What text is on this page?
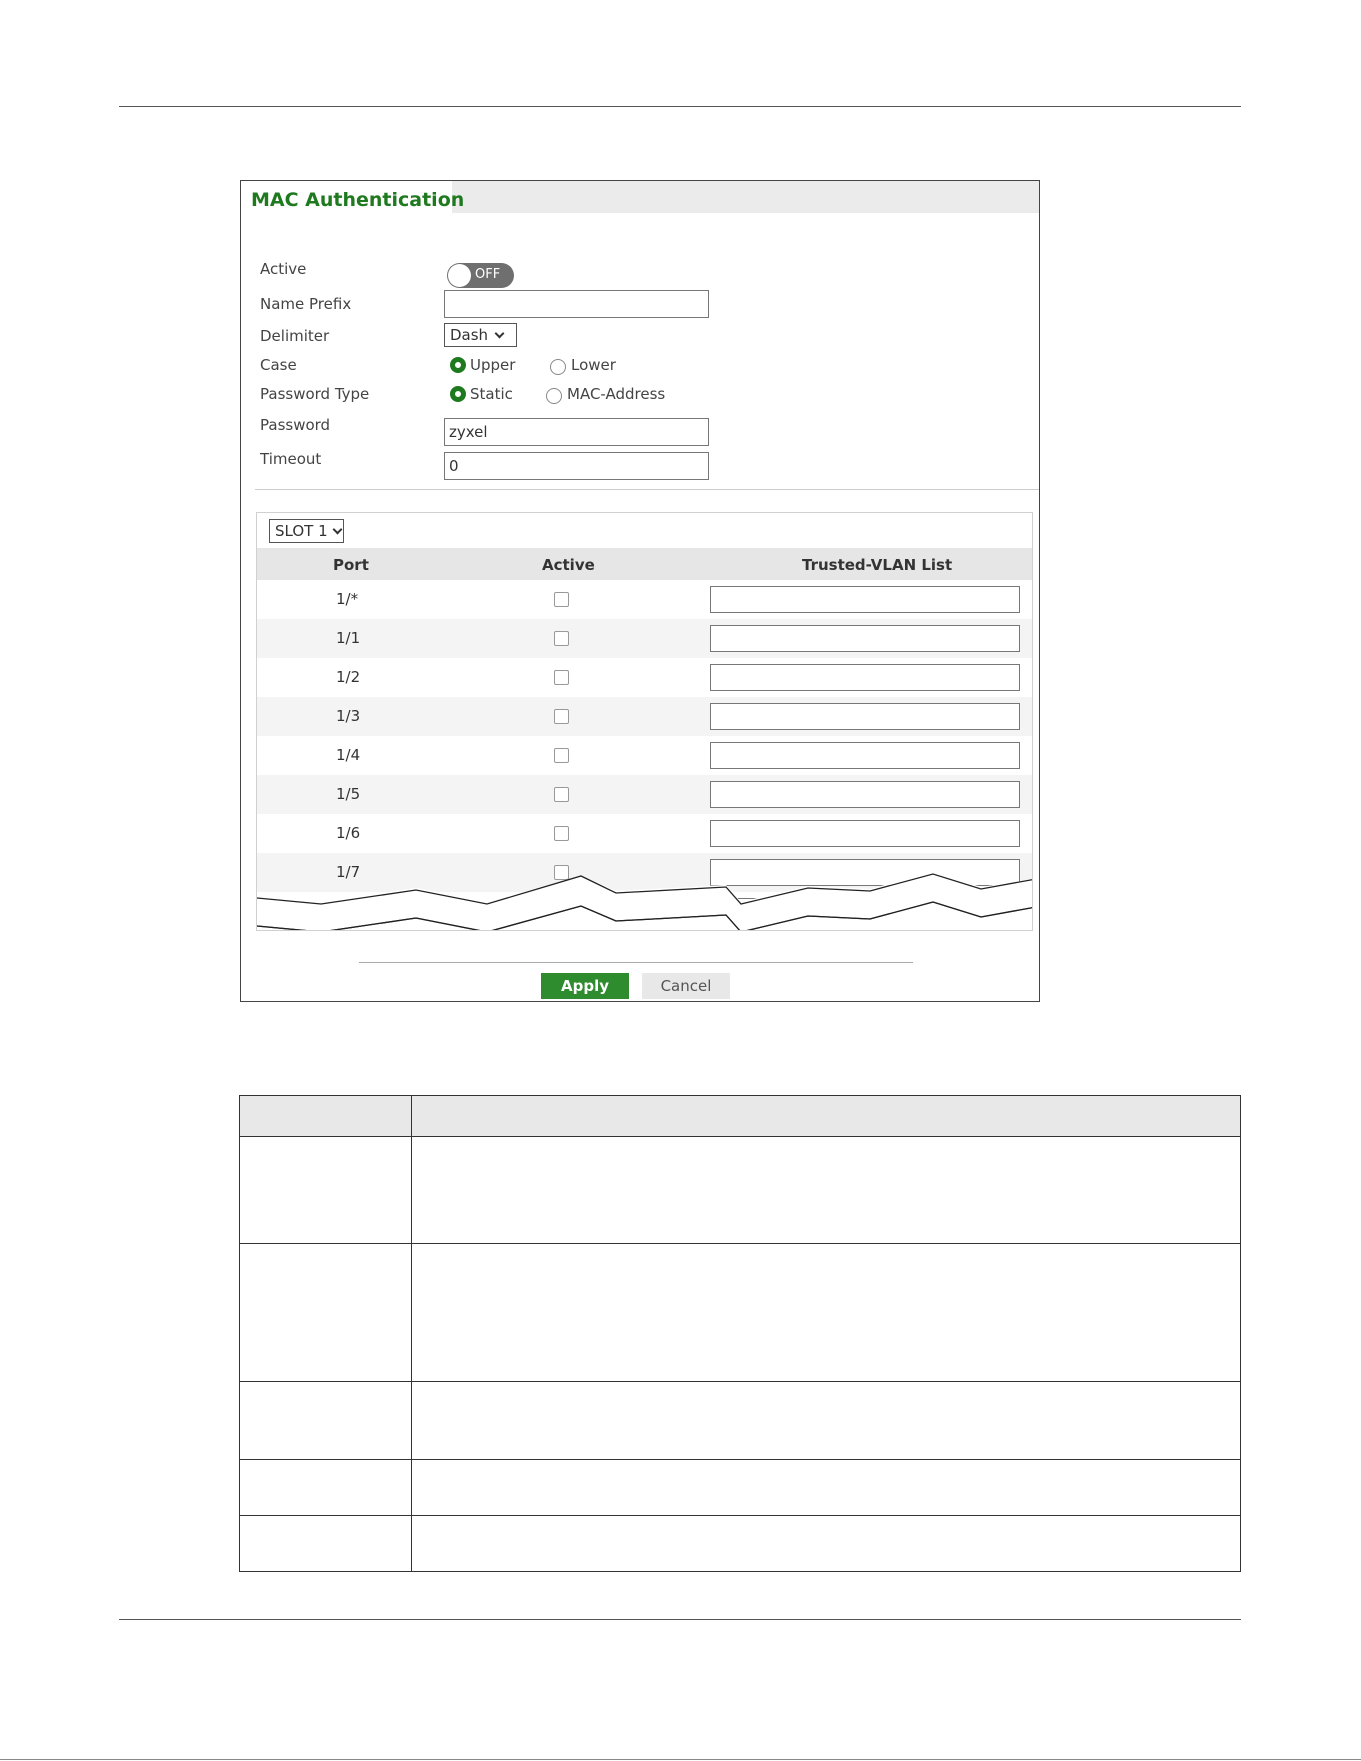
MAC Authentication
Active	OFF
Name Prefix
Delimiter	Dash
Case	Upper	Lower
Password Type	Static	MAC-Address
Password	zyxel
Timeout	0
SLOT 1
Port	Active	Trusted-VLAN List
1/*
1/1
1/2
1/3
1/4
1/5
1/6
1/7
Apply	Cancel
